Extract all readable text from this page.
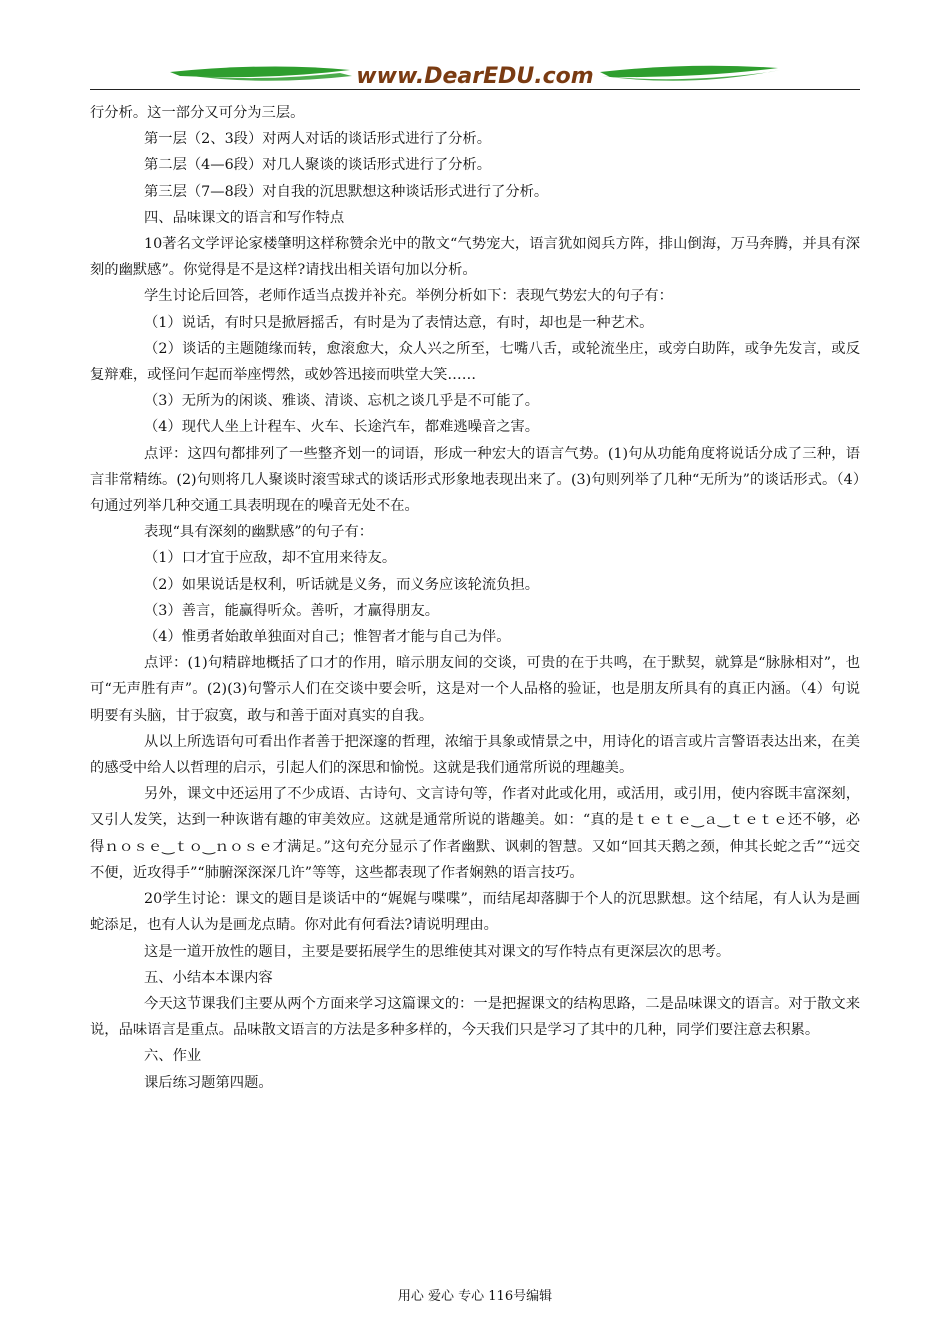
www.DearEDU.com

行分析。这一部分又可分为三层。

第一层（2、3段）对两人对话的谈话形式进行了分析。

第二层（4—6段）对几人聚谈的谈话形式进行了分析。

第三层（7—8段）对自我的沉思默想这种谈话形式进行了分析。

四、品味课文的语言和写作特点

10著名文学评论家楼肇明这样称赞余光中的散文“气势宠大，语言犹如阅兵方阵，排山倒海，万马奔腾，并具有深刻的幽默感”。你觉得是不是这样?请找出相关语句加以分析。

学生讨论后回答，老师作适当点拨并补充。举例分析如下：表现气势宏大的句子有：

（1）说话，有时只是掀唇摇舌，有时是为了表情达意，有时，却也是一种艺术。

（2）谈话的主题随缘而转，愈滚愈大，众人兴之所至，七嘴八舌，或轮流坐庄，或旁白助阵，或争先发言，或反复辩难，或怪问乍起而举座愕然，或妙答迅接而哄堂大笑……

（3）无所为的闲谈、雅谈、清谈、忘机之谈几乎是不可能了。

（4）现代人坐上计程车、火车、长途汽车，都难逃噪音之害。

点评：这四句都排列了一些整齐划一的词语，形成一种宏大的语言气势。(1)句从功能角度将说话分成了三种，语言非常精练。(2)句则将几人聚谈时滚雪球式的谈话形式形象地表现出来了。(3)句则列举了几种“无所为”的谈话形式。（4）句通过列举几种交通工具表明现在的噪音无处不在。

表现“具有深刻的幽默感”的句子有：

（1）口才宜于应敌，却不宜用来待友。

（2）如果说话是权利，听话就是义务，而义务应该轮流负担。

（3）善言，能赢得听众。善听，才赢得朋友。

（4）惟勇者始敢单独面对自己；惟智者才能与自己为伴。

点评：(1)句精辟地概括了口才的作用，暗示朋友间的交谈，可贵的在于共鸣，在于默契，就算是“脉脉相对”，也可“无声胜有声”。(2)(3)句警示人们在交谈中要会听，这是对一个人品格的验证，也是朋友所具有的真正内涵。（4）句说明要有头脑，甘于寂寞，敢与和善于面对真实的自我。

从以上所选语句可看出作者善于把深邃的哲理，浓缩于具象或情景之中，用诗化的语言或片言警语表达出来，在美的感受中给人以哲理的启示，引起人们的深思和愉悦。这就是我们通常所说的理趣美。

另外，课文中还运用了不少成语、古诗句、文言诗句等，作者对此或化用，或活用，或引用，使内容既丰富深刻，又引人发笑，达到一种诙谐有趣的审美效应。这就是通常所说的谐趣美。如：“真的是ｔｅｔｅ‿ａ‿ｔｅｔｅ还不够，必得ｎｏｓｅ‿ｔｏ‿ｎｏｓｅ才满足。”这句充分显示了作者幽默、讽刺的智慧。又如“回其天鹅之颈，伸其长蛇之舌”“远交不便，近攻得手”“肺腑深深深几许”等等，这些都表现了作者娴熟的语言技巧。

20学生讨论：课文的题目是谈话中的“娓娓与喋喋”，而结尾却落脚于个人的沉思默想。这个结尾，有人认为是画蛇添足，也有人认为是画龙点睛。你对此有何看法?请说明理由。

这是一道开放性的题目，主要是要拓展学生的思维使其对课文的写作特点有更深层次的思考。

五、小结本本课内容

今天这节课我们主要从两个方面来学习这篇课文的：一是把握课文的结构思路，二是品味课文的语言。对于散文来说，品味语言是重点。品味散文语言的方法是多种多样的，今天我们只是学习了其中的几种，同学们要注意去积累。

六、作业

课后练习题第四题。

用心 爱心 专心 116号编辑
